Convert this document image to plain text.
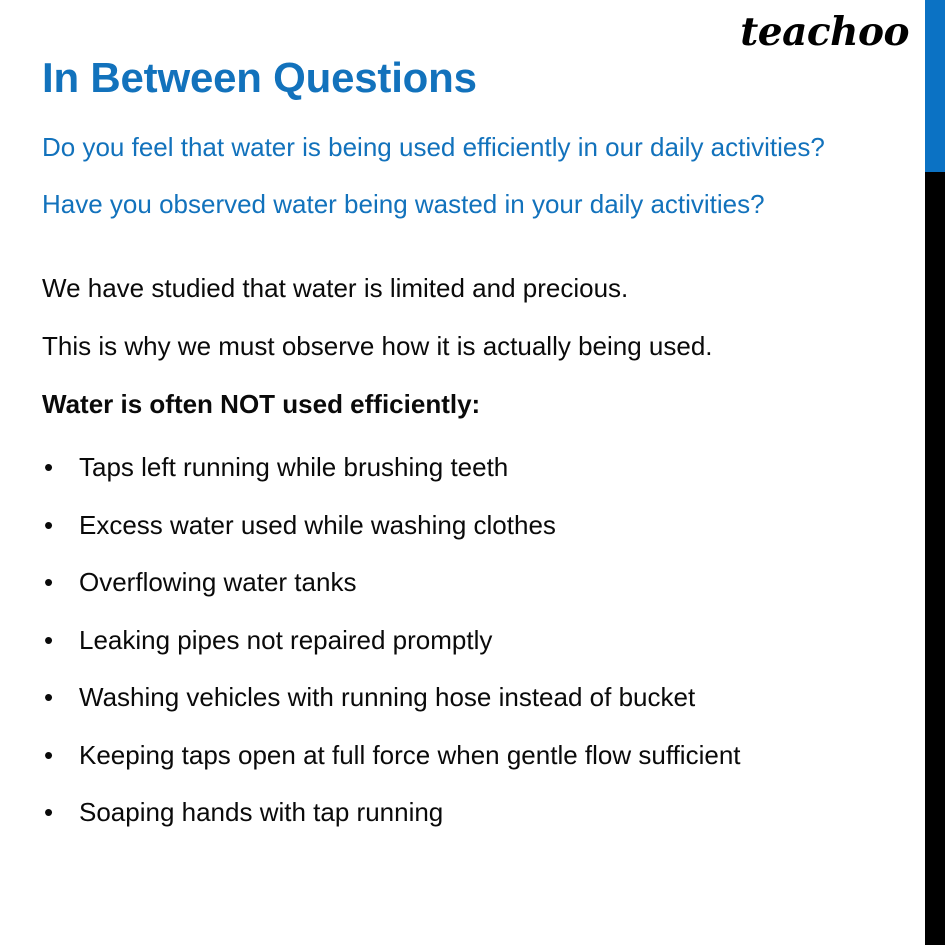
teachoo
In Between Questions

Do you feel that water is being used efficiently in our daily activities? Have you observed water being wasted in your daily activities?

We have studied that water is limited and precious.
This is why we must observe how it is actually being used.
Water is often NOT used efficiently:
• Taps left running while brushing teeth
• Excess water used while washing clothes
• Overflowing water tanks
• Leaking pipes not repaired promptly
• Washing vehicles with running hose instead of bucket
• Keeping taps open at full force when gentle flow sufficient
• Soaping hands with tap running
